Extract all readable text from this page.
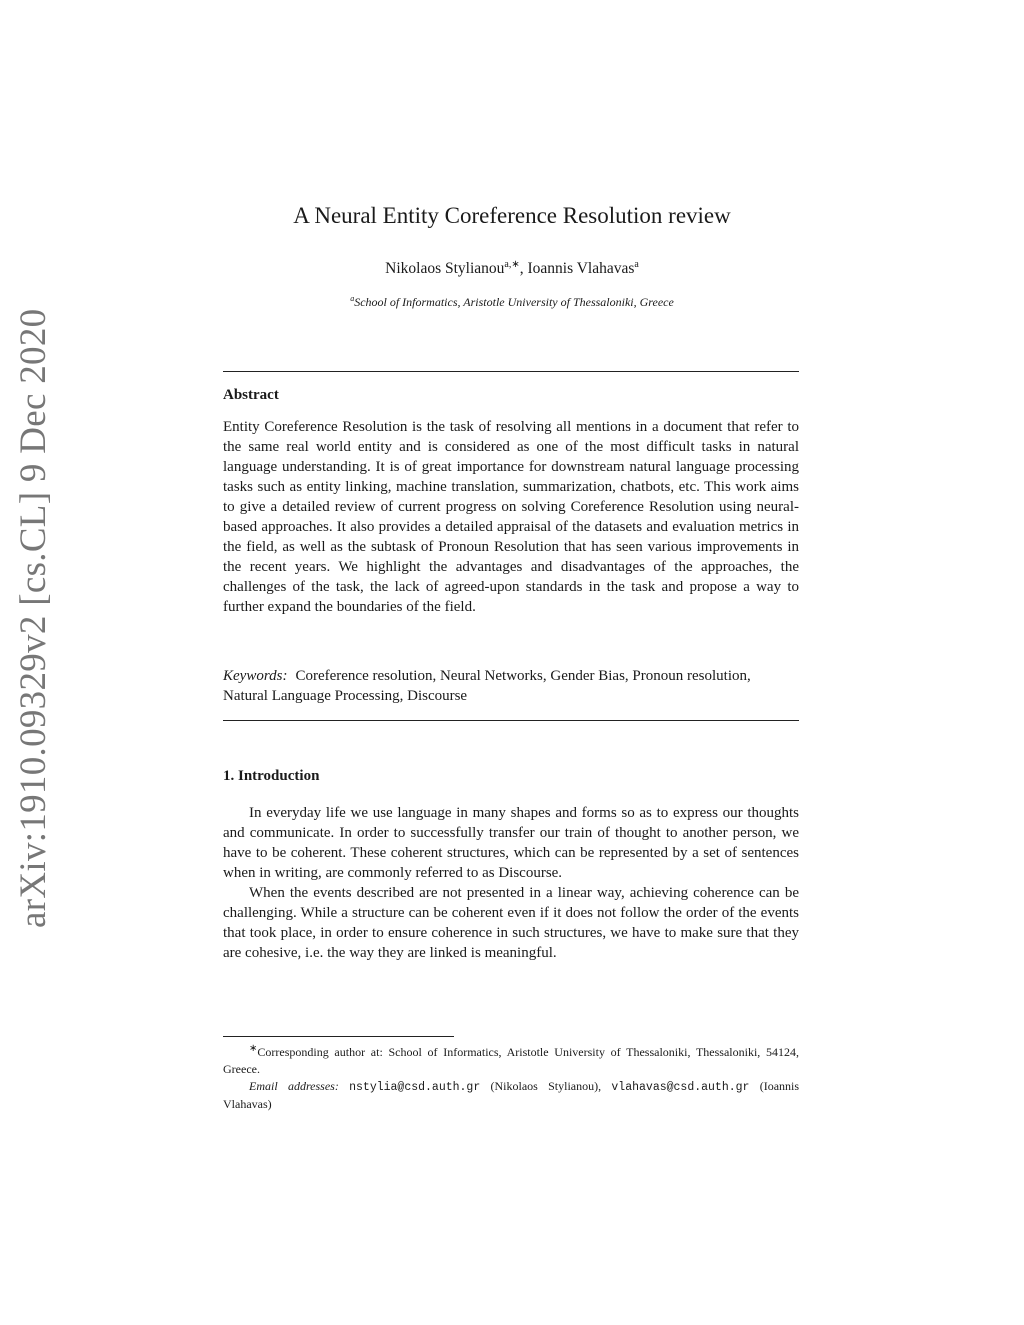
arXiv:1910.09329v2 [cs.CL] 9 Dec 2020
A Neural Entity Coreference Resolution review
Nikolaos Stylianou$^{a,∗}$, Ioannis Vlahavas$^a$
$^a$School of Informatics, Aristotle University of Thessaloniki, Greece
Abstract
Entity Coreference Resolution is the task of resolving all mentions in a document that refer to the same real world entity and is considered as one of the most difficult tasks in natural language understanding. It is of great importance for downstream natural language processing tasks such as entity linking, machine translation, summarization, chatbots, etc. This work aims to give a detailed review of current progress on solving Coreference Resolution using neural-based approaches. It also provides a detailed appraisal of the datasets and evaluation metrics in the field, as well as the subtask of Pronoun Resolution that has seen various improvements in the recent years. We highlight the advantages and disadvantages of the approaches, the challenges of the task, the lack of agreed-upon standards in the task and propose a way to further expand the boundaries of the field.
Keywords: Coreference resolution, Neural Networks, Gender Bias, Pronoun resolution, Natural Language Processing, Discourse
1. Introduction

In everyday life we use language in many shapes and forms so as to express our thoughts and communicate. In order to successfully transfer our train of thought to another person, we have to be coherent. These coherent structures, which can be represented by a set of sentences when in writing, are commonly referred to as Discourse.

When the events described are not presented in a linear way, achieving coherence can be challenging. While a structure can be coherent even if it does not follow the order of the events that took place, in order to ensure coherence in such structures, we have to make sure that they are cohesive, i.e. the way they are linked is meaningful.

∗Corresponding author at: School of Informatics, Aristotle University of Thessaloniki, Thessaloniki, 54124, Greece.

Email addresses: nstylia@csd.auth.gr (Nikolaos Stylianou), vlahavas@csd.auth.gr (Ioannis Vlahavas)
